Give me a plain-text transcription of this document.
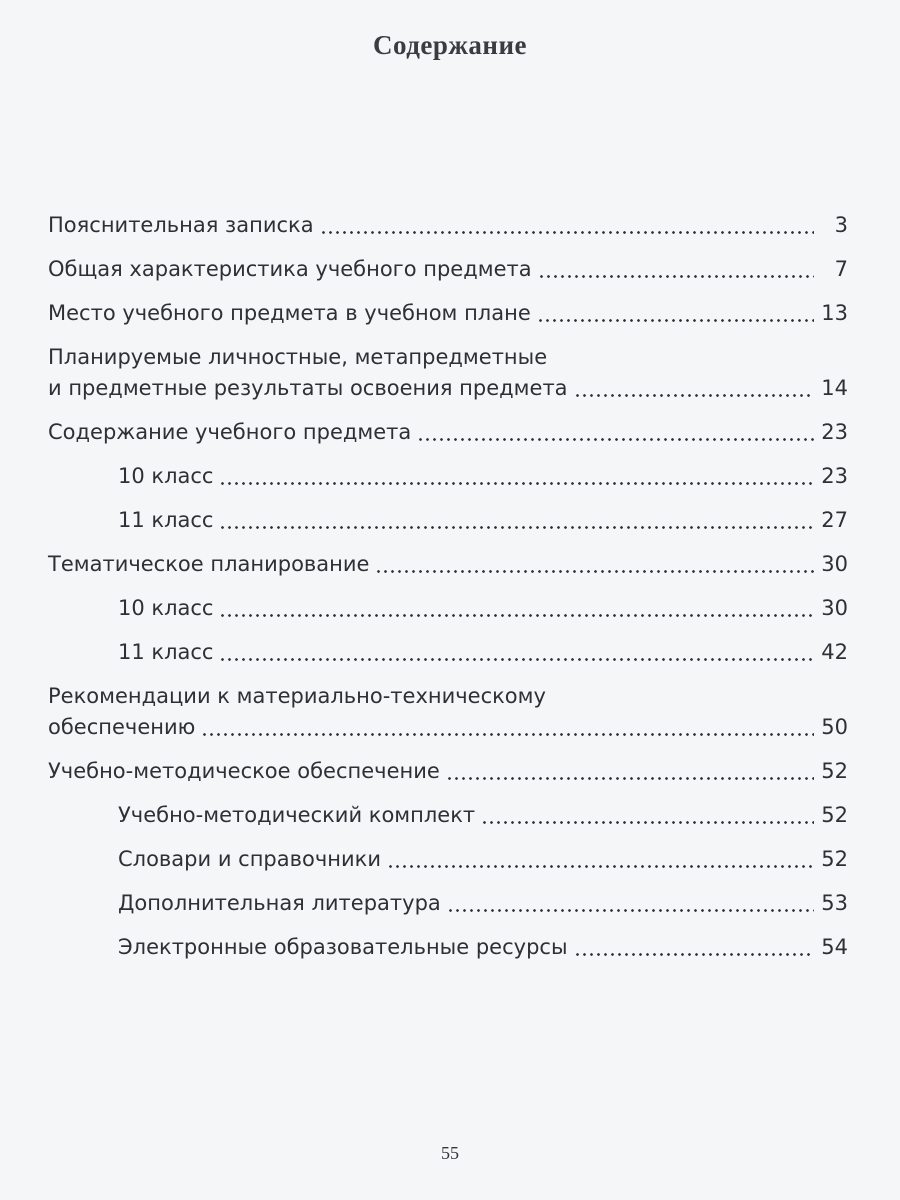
Содержание
Пояснительная записка	3
Общая характеристика учебного предмета	7
Место учебного предмета в учебном плане	13
Планируемые личностные, метапредметные
и предметные результаты освоения предмета	14
Содержание учебного предмета	23
10 класс	23
11 класс	27
Тематическое планирование	30
10 класс	30
11 класс	42
Рекомендации к материально-техническому
обеспечению	50
Учебно-методическое обеспечение	52
Учебно-методический комплект	52
Словари и справочники	52
Дополнительная литература	53
Электронные образовательные ресурсы	54
55
